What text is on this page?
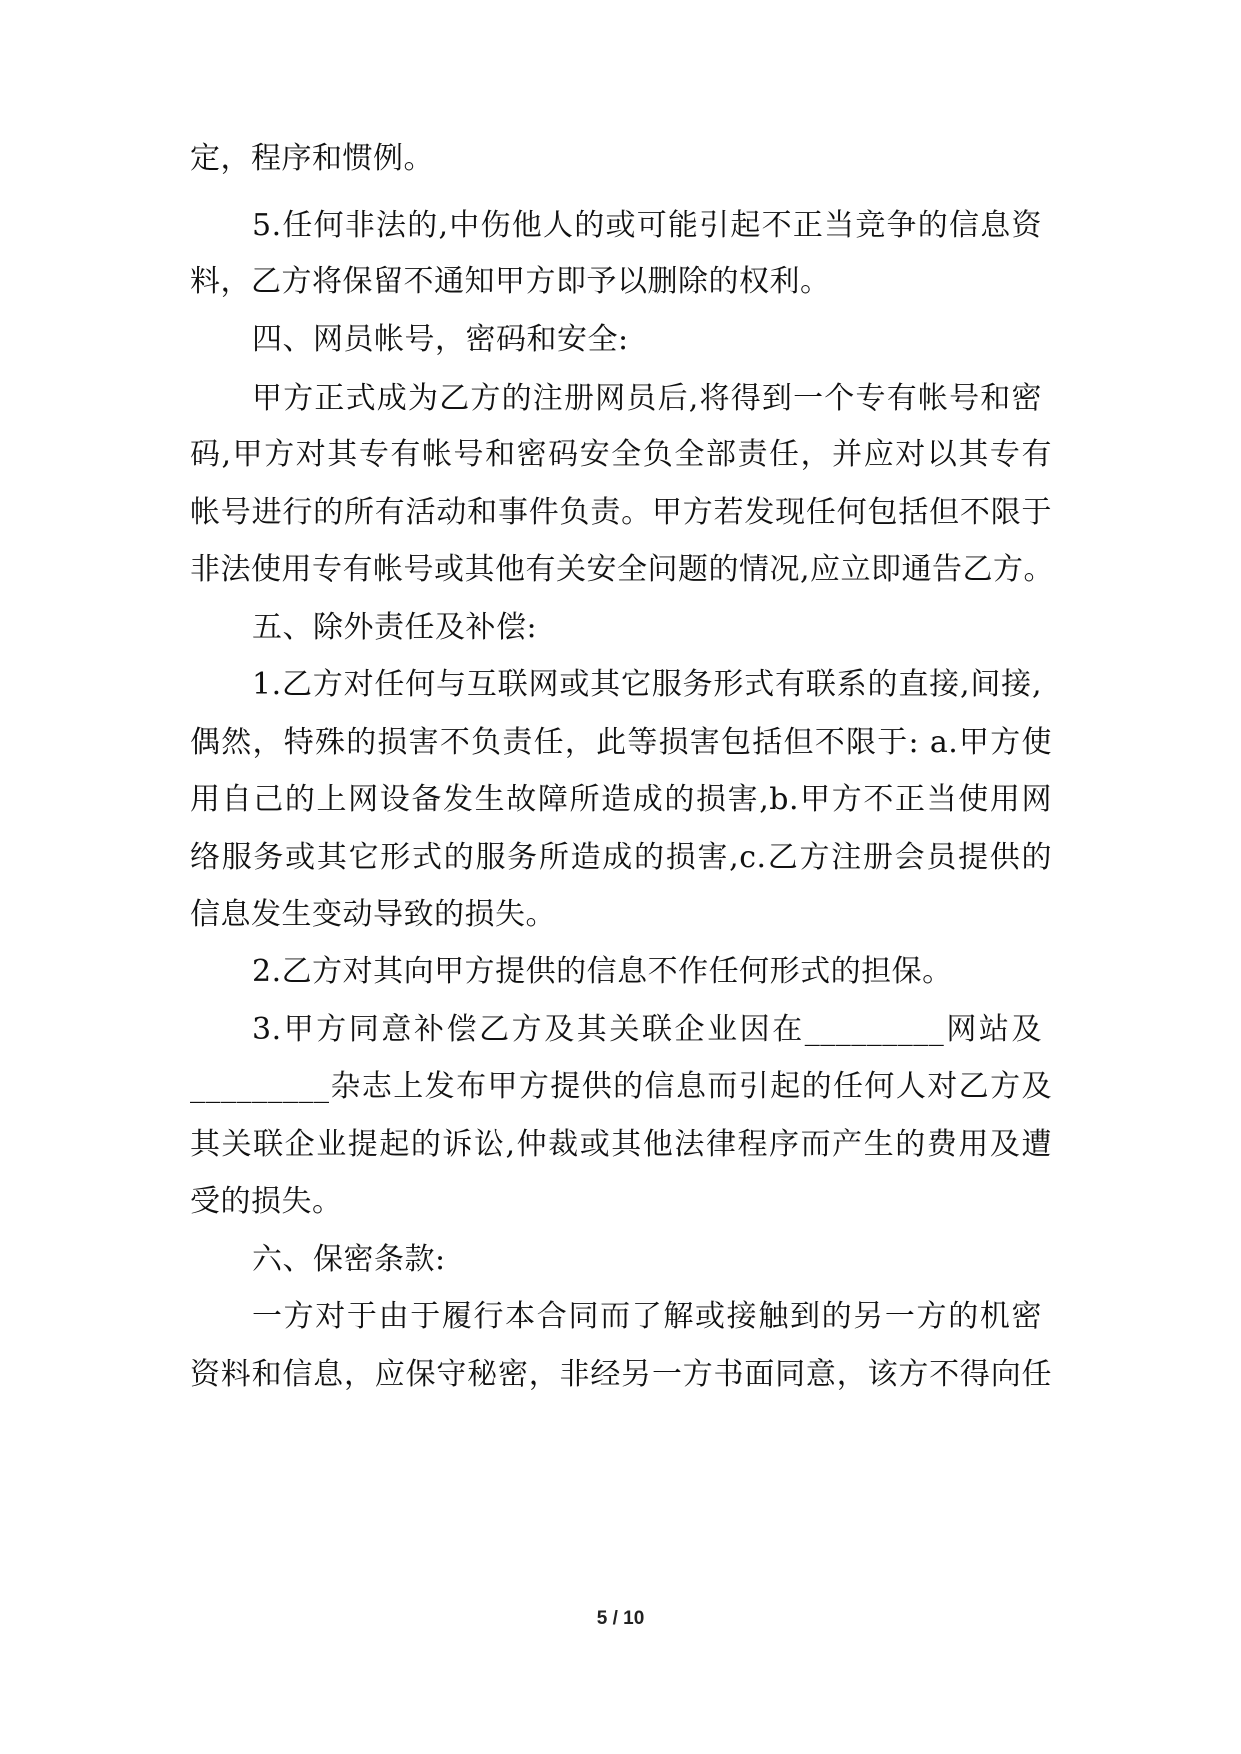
定，程序和惯例。
5.任何非法的,中伤他人的或可能引起不正当竞争的信息资
料，乙方将保留不通知甲方即予以删除的权利。
四、网员帐号，密码和安全:
甲方正式成为乙方的注册网员后,将得到一个专有帐号和密
码,甲方对其专有帐号和密码安全负全部责任，并应对以其专有
帐号进行的所有活动和事件负责。甲方若发现任何包括但不限于
非法使用专有帐号或其他有关安全问题的情况,应立即通告乙方。
五、除外责任及补偿:
1.乙方对任何与互联网或其它服务形式有联系的直接,间接,
偶然，特殊的损害不负责任，此等损害包括但不限于: a.甲方使
用自己的上网设备发生故障所造成的损害,b.甲方不正当使用网
络服务或其它形式的服务所造成的损害,c.乙方注册会员提供的
信息发生变动导致的损失。
2.乙方对其向甲方提供的信息不作任何形式的担保。
3.甲方同意补偿乙方及其关联企业因在_________网站及
_________杂志上发布甲方提供的信息而引起的任何人对乙方及
其关联企业提起的诉讼,仲裁或其他法律程序而产生的费用及遭
受的损失。
六、保密条款:
一方对于由于履行本合同而了解或接触到的另一方的机密
资料和信息，应保守秘密，非经另一方书面同意，该方不得向任
5 / 10
